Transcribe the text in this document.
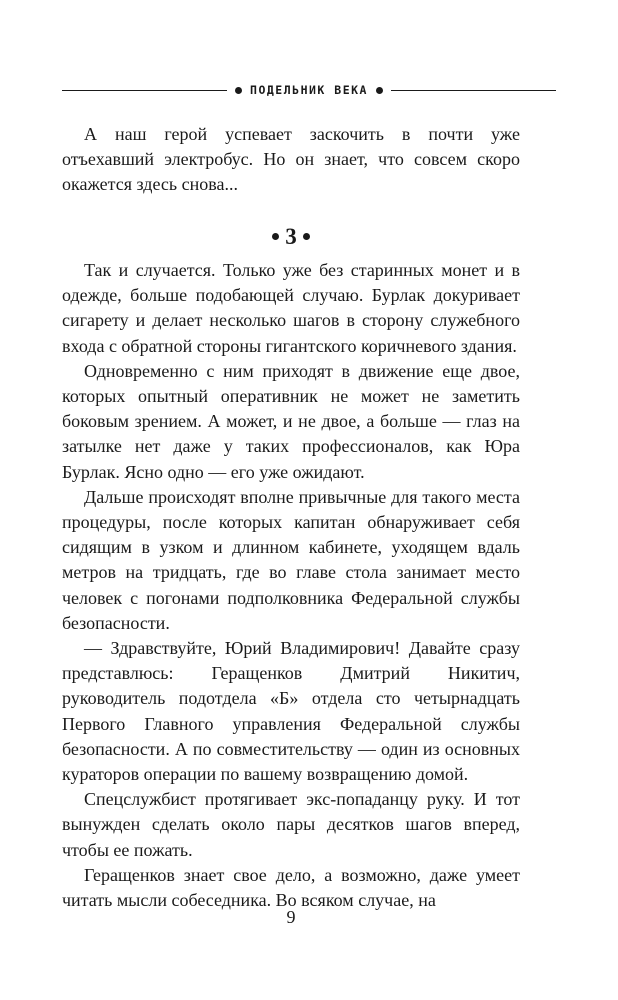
ПОДЕЛЬНИК ВЕКА

А наш герой успевает заскочить в почти уже отъехавший электробус. Но он знает, что совсем скоро окажется здесь снова...

3

Так и случается. Только уже без старинных монет и в одежде, больше подобающей случаю. Бурлак докуривает сигарету и делает несколько шагов в сторону служебного входа с обратной стороны гигантского коричневого здания.

Одновременно с ним приходят в движение еще двое, которых опытный оперативник не может не заметить боковым зрением. А может, и не двое, а больше — глаз на затылке нет даже у таких профессионалов, как Юра Бурлак. Ясно одно — его уже ожидают.

Дальше происходят вполне привычные для такого места процедуры, после которых капитан обнаруживает себя сидящим в узком и длинном кабинете, уходящем вдаль метров на тридцать, где во главе стола занимает место человек с погонами подполковника Федеральной службы безопасности.

— Здравствуйте, Юрий Владимирович! Давайте сразу представлюсь: Геращенков Дмитрий Никитич, руководитель подотдела «Б» отдела сто четырнадцать Первого Главного управления Федеральной службы безопасности. А по совместительству — один из основных кураторов операции по вашему возвращению домой.

Спецслужбист протягивает экс-попаданцу руку. И тот вынужден сделать около пары десятков шагов вперед, чтобы ее пожать.

Геращенков знает свое дело, а возможно, даже умеет читать мысли собеседника. Во всяком случае, на

9
